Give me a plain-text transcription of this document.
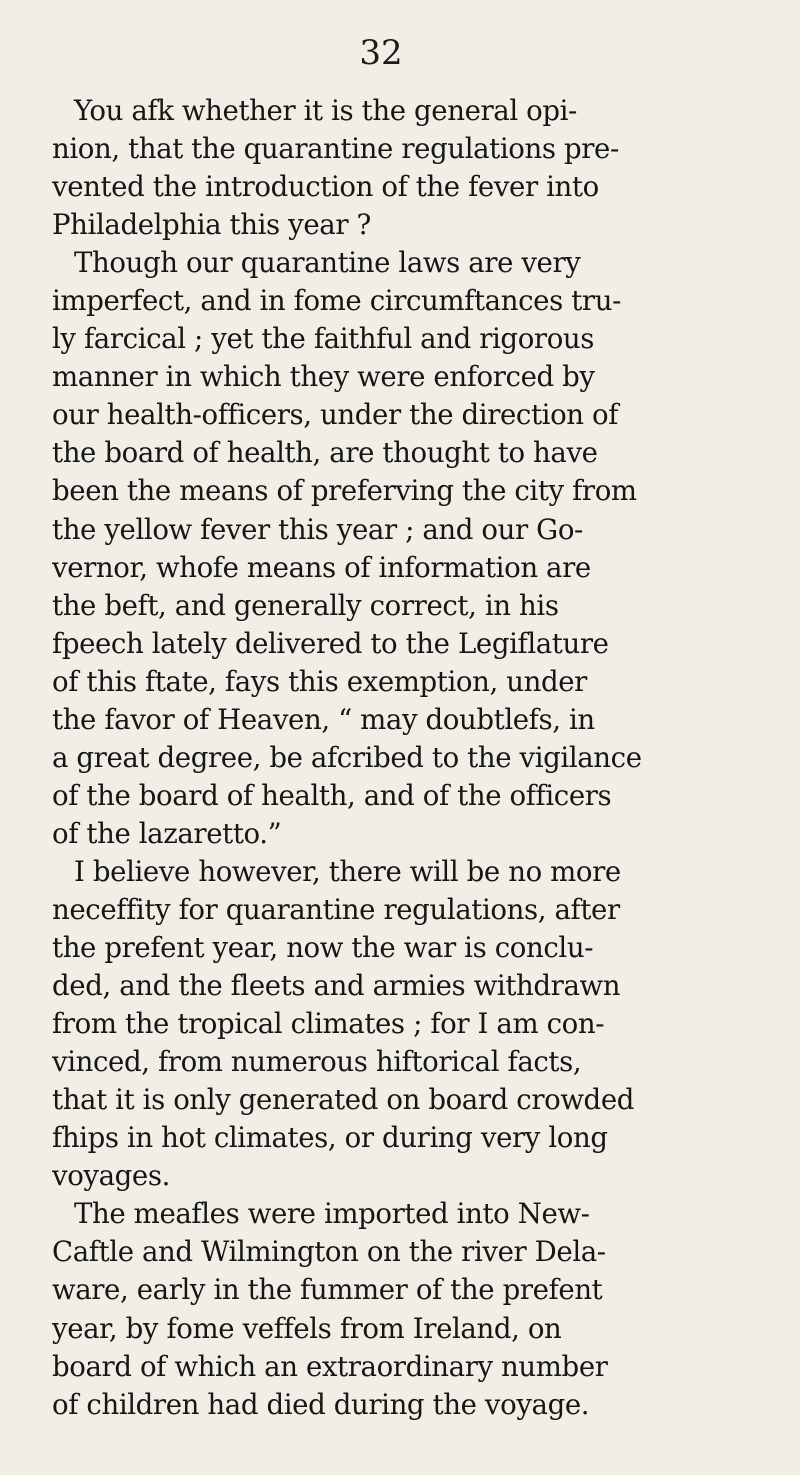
32
You afk whether it is the general opi-
nion, that the quarantine regulations pre-
vented the introduction of the fever into
Philadelphia this year ?
Though our quarantine laws are very
imperfect, and in fome circumftances tru-
ly farcical ; yet the faithful and rigorous
manner in which they were enforced by
our health-officers, under the direction of
the board of health, are thought to have
been the means of preferving the city from
the yellow fever this year ; and our Go-
vernor, whofe means of information are
the beft, and generally correct, in his
fpeech lately delivered to the Legiflature
of this ftate, fays this exemption, under
the favor of Heaven, “ may doubtlefs, in
a great degree, be afcribed to the vigilance
of the board of health, and of the officers
of the lazaretto.”
I believe however, there will be no more
neceffity for quarantine regulations, after
the prefent year, now the war is conclu-
ded, and the fleets and armies withdrawn
from the tropical climates ; for I am con-
vinced, from numerous hiftorical facts,
that it is only generated on board crowded
fhips in hot climates, or during very long
voyages.
The meafles were imported into New-
Caftle and Wilmington on the river Dela-
ware, early in the fummer of the prefent
year, by fome veffels from Ireland, on
board of which an extraordinary number
of children had died during the voyage.
